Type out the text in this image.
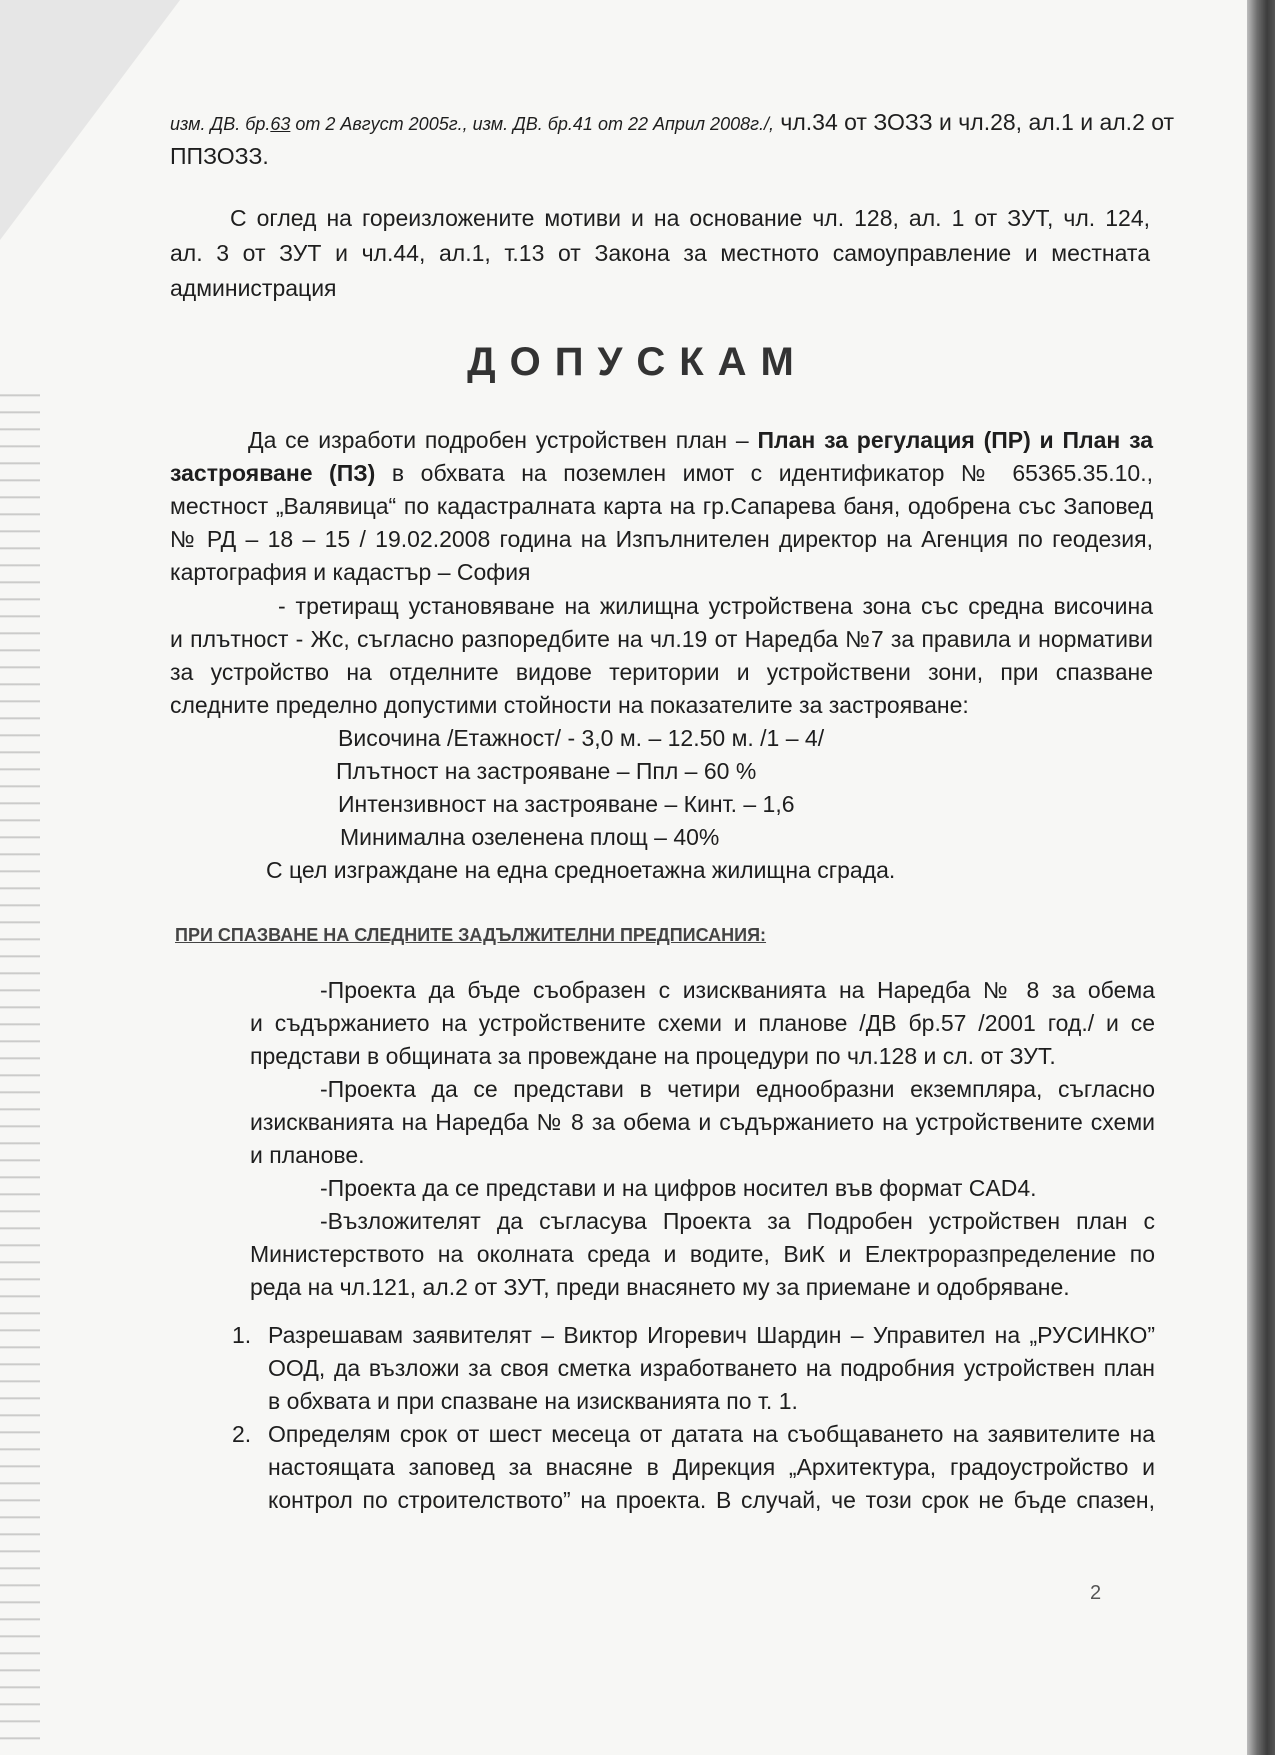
изм. ДВ. бр.63 от 2 Август 2005г., изм. ДВ. бр.41 от 22 Април 2008г./, чл.34 от ЗОЗЗ и чл.28, ал.1 и ал.2 от
ППЗОЗЗ.
С оглед на гореизложените мотиви и на основание чл. 128, ал. 1 от ЗУТ, чл. 124,
ал. 3 от ЗУТ и чл.44, ал.1, т.13 от Закона за местното самоуправление и местната
администрация
ДОПУСКАМ
Да се изработи подробен устройствен план – План за регулация (ПР) и План за
застрояване (ПЗ) в обхвата на поземлен имот с идентификатор № 65365.35.10.,
местност „Валявица“ по кадастралната карта на гр.Сапарева баня, одобрена със Заповед
№ РД – 18 – 15 / 19.02.2008 година на Изпълнителен директор на Агенция по геодезия,
картография и кадастър – София
- третиращ установяване на жилищна устройствена зона със средна височина
и плътност - Жс, съгласно разпоредбите на чл.19 от Наредба №7 за правила и нормативи
за устройство на отделните видове територии и устройствени зони, при спазване
следните пределно допустими стойности на показателите за застрояване:
Височина /Етажност/ - 3,0 м. – 12.50 м. /1 – 4/
Плътност на застрояване – Ппл – 60 %
Интензивност на застрояване – Кинт. – 1,6
Минимална озеленена площ – 40%
С цел изграждане на една средноетажна жилищна сграда.
ПРИ СПАЗВАНЕ НА СЛЕДНИТЕ ЗАДЪЛЖИТЕЛНИ ПРЕДПИСАНИЯ:
-Проекта да бъде съобразен с изискванията на Наредба № 8 за обема
и съдържанието на устройствените схеми и планове /ДВ бр.57 /2001 год./ и се
представи в общината за провеждане на процедури по чл.128 и сл. от ЗУТ.
-Проекта да се представи в четири еднообразни екземпляра, съгласно
изискванията на Наредба № 8 за обема и съдържанието на устройствените схеми
и планове.
-Проекта да се представи и на цифров носител във формат CAD4.
-Възложителят да съгласува Проекта за Подробен устройствен план с
Министерството на околната среда и водите, ВиК и Електроразпределение по
реда на чл.121, ал.2 от ЗУТ, преди внасянето му за приемане и одобряване.
1. Разрешавам заявителят – Виктор Игоревич Шардин – Управител на „РУСИНКО”
ООД, да възложи за своя сметка изработването на подробния устройствен план
в обхвата и при спазване на изискванията по т. 1.
2. Определям срок от шест месеца от датата на съобщаването на заявителите на
настоящата заповед за внасяне в Дирекция „Архитектура, градоустройство и
контрол по строителството” на проекта. В случай, че този срок не бъде спазен,
2
